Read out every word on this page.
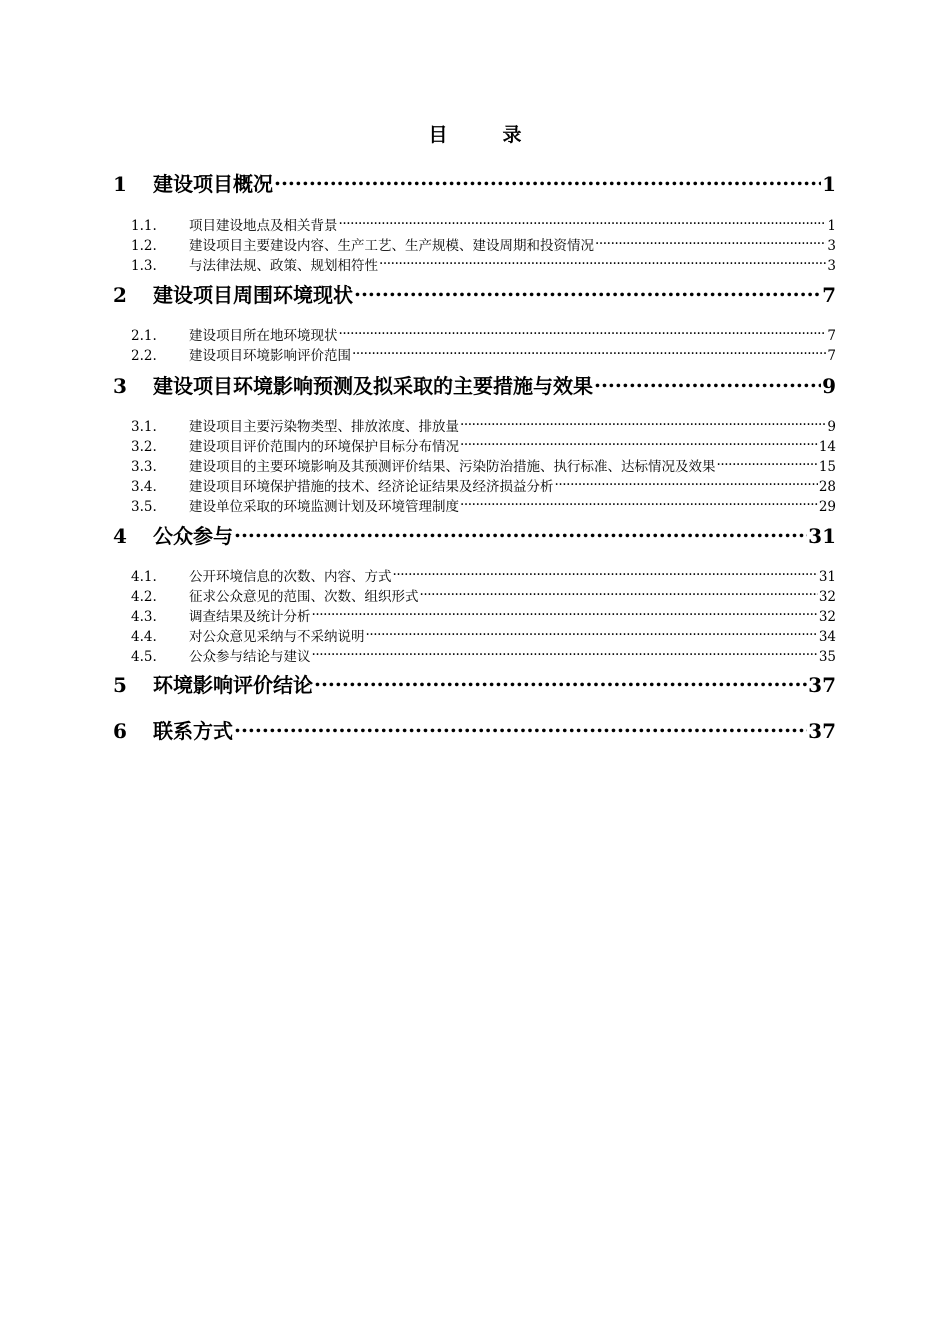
目　录
1	建设项目概况 .....	1
1.1.	项目建设地点及相关背景 .....	1
1.2.	建设项目主要建设内容、生产工艺、生产规模、建设周期和投资情况 .....	3
1.3.	与法律法规、政策、规划相符性 .....	3
2	建设项目周围环境现状 .....	7
2.1.	建设项目所在地环境现状 .....	7
2.2.	建设项目环境影响评价范围 .....	7
3	建设项目环境影响预测及拟采取的主要措施与效果 .....	9
3.1.	建设项目主要污染物类型、排放浓度、排放量 .....	9
3.2.	建设项目评价范围内的环境保护目标分布情况 .....	14
3.3.	建设项目的主要环境影响及其预测评价结果、污染防治措施、执行标准、达标情况及效果 .....	15
3.4.	建设项目环境保护措施的技术、经济论证结果及经济损益分析 .....	28
3.5.	建设单位采取的环境监测计划及环境管理制度 .....	29
4	公众参与 .....	31
4.1.	公开环境信息的次数、内容、方式 .....	31
4.2.	征求公众意见的范围、次数、组织形式 .....	32
4.3.	调查结果及统计分析 .....	32
4.4.	对公众意见采纳与不采纳说明 .....	34
4.5.	公众参与结论与建议 .....	35
5	环境影响评价结论 .....	37
6	联系方式 .....	37
